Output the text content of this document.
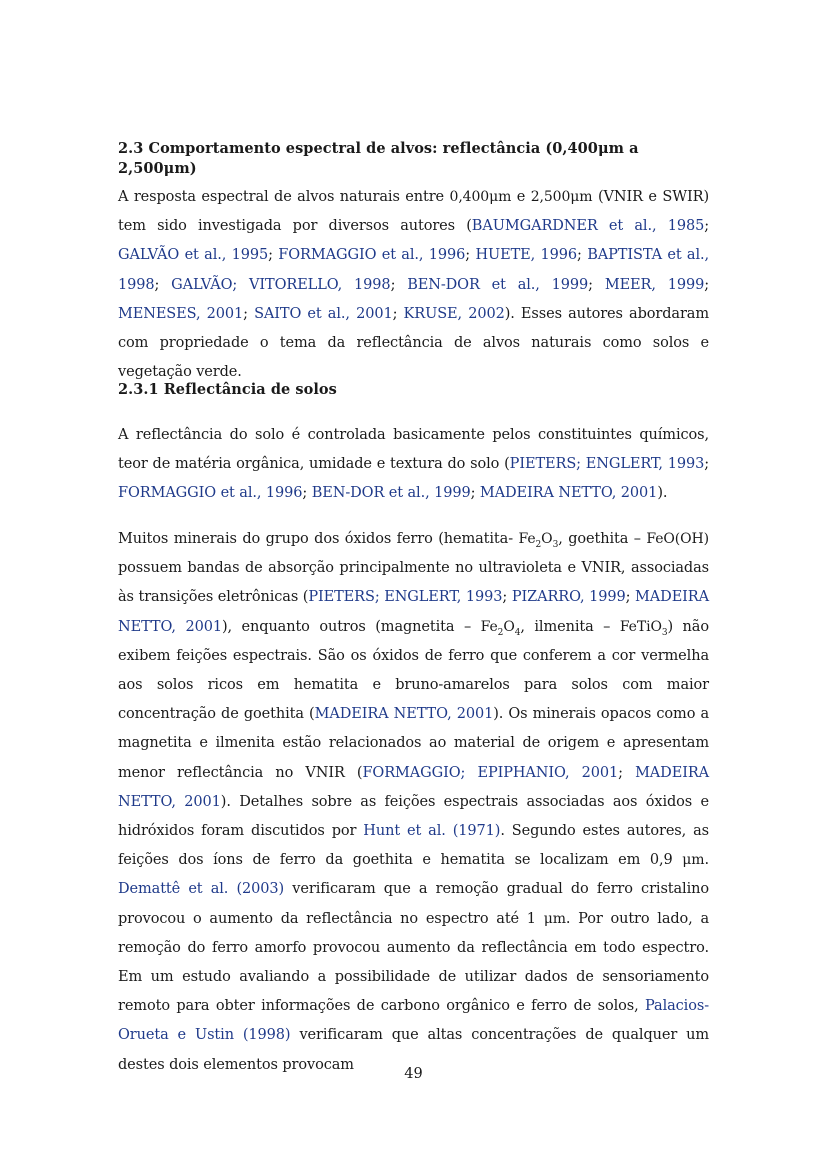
2.3 Comportamento espectral de alvos: reflectância (0,400μm a 2,500μm)

A resposta espectral de alvos naturais entre 0,400μm e 2,500μm (VNIR e SWIR) tem sido investigada por diversos autores (BAUMGARDNER et al., 1985; GALVÃO et al., 1995; FORMAGGIO et al., 1996; HUETE, 1996; BAPTISTA et al., 1998; GALVÃO; VITORELLO, 1998; BEN-DOR et al., 1999; MEER, 1999; MENESES, 2001; SAITO et al., 2001; KRUSE, 2002). Esses autores abordaram com propriedade o tema da reflectância de alvos naturais como solos e vegetação verde.

2.3.1 Reflectância de solos

A reflectância do solo é controlada basicamente pelos constituintes químicos, teor de matéria orgânica, umidade e textura do solo (PIETERS; ENGLERT, 1993; FORMAGGIO et al., 1996; BEN-DOR et al., 1999; MADEIRA NETTO, 2001).

Muitos minerais do grupo dos óxidos ferro (hematita- $Fe_2O_3$, goethita – FeO(OH) possuem bandas de absorção principalmente no ultravioleta e VNIR, associadas às transições eletrônicas (PIETERS; ENGLERT, 1993; PIZARRO, 1999; MADEIRA NETTO, 2001), enquanto outros (magnetita – $Fe_2O_4$, ilmenita – FeTiO$_3$) não exibem feições espectrais. São os óxidos de ferro que conferem a cor vermelha aos solos ricos em hematita e bruno-amarelos para solos com maior concentração de goethita (MADEIRA NETTO, 2001). Os minerais opacos como a magnetita e ilmenita estão relacionados ao material de origem e apresentam menor reflectância no VNIR (FORMAGGIO; EPIPHANIO, 2001; MADEIRA NETTO, 2001). Detalhes sobre as feições espectrais associadas aos óxidos e hidróxidos foram discutidos por Hunt et al. (1971). Segundo estes autores, as feições dos íons de ferro da goethita e hematita se localizam em 0,9 μm. Demattê et al. (2003) verificaram que a remoção gradual do ferro cristalino provocou o aumento da reflectância no espectro até 1 μm. Por outro lado, a remoção do ferro amorfo provocou aumento da reflectância em todo espectro. Em um estudo avaliando a possibilidade de utilizar dados de sensoriamento remoto para obter informações de carbono orgânico e ferro de solos, Palacios-Orueta e Ustin (1998) verificaram que altas concentrações de qualquer um destes dois elementos provocam

49
